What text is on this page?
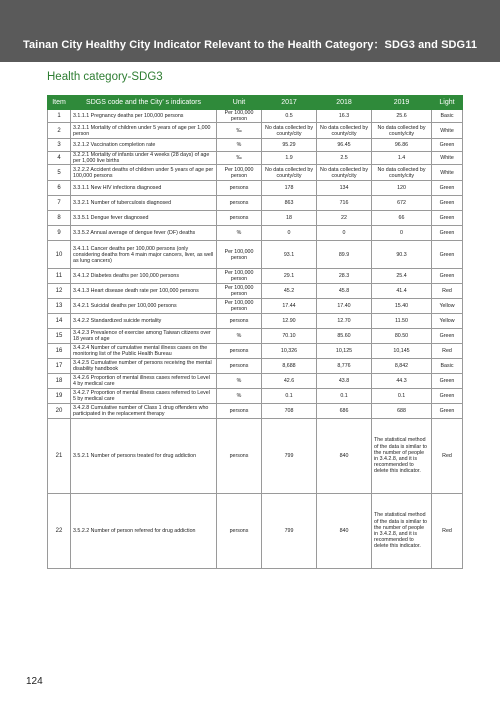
Tainan City Healthy City Indicator Relevant to the Health Category：SDG3 and SDG11
Health category-SDG3
Item	SDGS code and the City’ s indicators	Unit	2017	2018	2019	Light
1	3.1.1.1 Pregnancy deaths per 100,000 persons	Per 100,000 person	0.5	16.3	25.6	Basic
2	3.2.1.1 Mortality of children under 5 years of age per 1,000 person	‰	No data collected by county/city	No data collected by county/city	No data collected by county/city	White
3	3.2.1.2 Vaccination completion rate	%	95.29	96.45	96.86	Green
4	3.2.2.1 Mortality of infants under 4 weeks (28 days) of age per 1,000 live births	‰	1.9	2.5	1.4	White
5	3.2.2.2 Accident deaths of children under 5 years of age per 100,000 persons	Per 100,000 person	No data collected by county/city	No data collected by county/city	No data collected by county/city	White
6	3.3.1.1 New HIV infections diagnosed	persons	178	134	120	Green
7	3.3.2.1 Number of tuberculosis diagnosed	persons	863	716	672	Green
8	3.3.5.1 Dengue fever diagnosed	persons	18	22	66	Green
9	3.3.5.2 Annual average of dengue fever (DF) deaths	%	0	0	0	Green
10	3.4.1.1 Cancer deaths per 100,000 persons (only considering deaths from 4 main major cancers, liver, as well as lung cancers)	Per 100,000 person	93.1	89.9	90.3	Green
11	3.4.1.2 Diabetes deaths per 100,000 persons	Per 100,000 person	29.1	28.3	25.4	Green
12	3.4.1.3 Heart disease death rate per 100,000 persons	Per 100,000 person	45.2	45.8	41.4	Red
13	3.4.2.1 Suicidal deaths per 100,000 persons	Per 100,000 person	17.44	17.40	15.40	Yellow
14	3.4.2.2 Standardized suicide mortality	persons	12.90	12.70	11.50	Yellow
15	3.4.2.3 Prevalence of exercise among Taiwan citizens over 18 years of age	%	70.10	85.60	80.50	Green
16	3.4.2.4 Number of cumulative mental illness cases on the monitoring list of the Public Health Bureau	persons	10,326	10,125	10,145	Red
17	3.4.2.5 Cumulative number of persons receiving the mental disability handbook	persons	8,688	8,776	8,842	Basic
18	3.4.2.6 Proportion of mental illness cases referred to Level 4 by medical care	%	42.6	43.8	44.3	Green
19	3.4.2.7 Proportion of mental illness cases referred to Level 5 by medical care	%	0.1	0.1	0.1	Green
20	3.4.2.8 Cumulative number of Class 1 drug offenders who participated in the replacement therapy	persons	708	686	688	Green
21	3.5.2.1 Number of persons treated for drug addiction	persons	799	840	The statistical method of the data is similar to the number of people in 3.4.2.8, and it is recommended to delete this indicator.	Red
22	3.5.2.2 Number of person referred for drug addiction	persons	799	840	The statistical method of the data is similar to the number of people in 3.4.2.8, and it is recommended to delete this indicator.	Red
124
